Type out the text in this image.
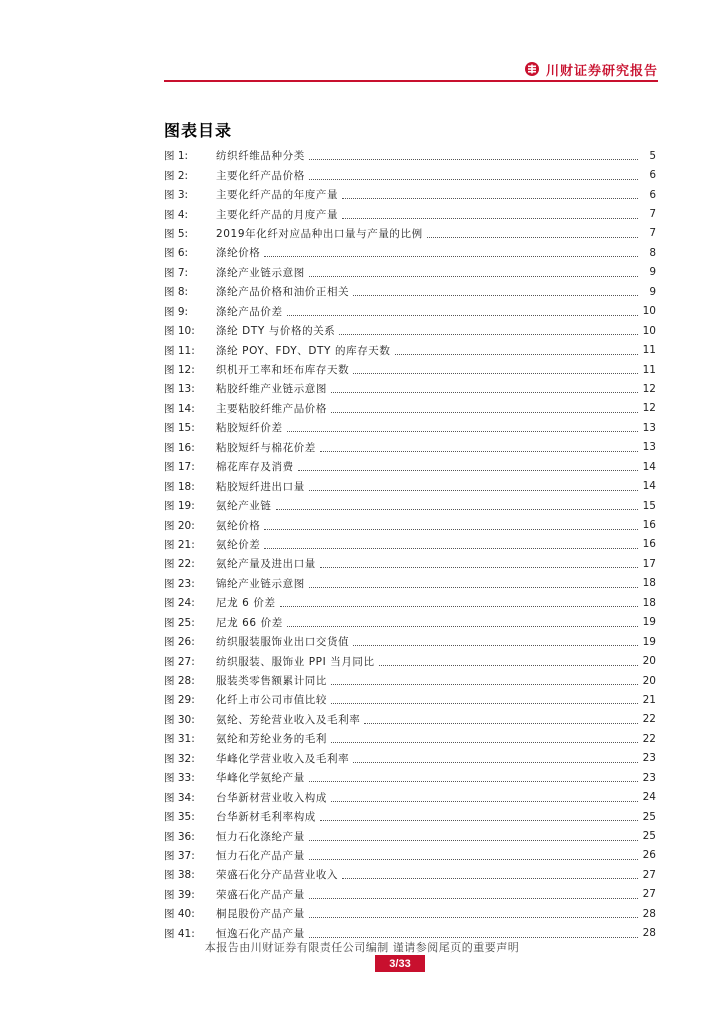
川财证券研究报告
图表目录
图 1:	纺织纤维品种分类	5
图 2:	主要化纤产品价格	6
图 3:	主要化纤产品的年度产量	6
图 4:	主要化纤产品的月度产量	7
图 5:	2019年化纤对应品种出口量与产量的比例	7
图 6:	涤纶价格	8
图 7:	涤纶产业链示意图	9
图 8:	涤纶产品价格和油价正相关	9
图 9:	涤纶产品价差	10
图 10:	涤纶 DTY 与价格的关系	10
图 11:	涤纶 POY、FDY、DTY 的库存天数	11
图 12:	织机开工率和坯布库存天数	11
图 13:	粘胶纤维产业链示意图	12
图 14:	主要粘胶纤维产品价格	12
图 15:	粘胶短纤价差	13
图 16:	粘胶短纤与棉花价差	13
图 17:	棉花库存及消费	14
图 18:	粘胶短纤进出口量	14
图 19:	氨纶产业链	15
图 20:	氨纶价格	16
图 21:	氨纶价差	16
图 22:	氨纶产量及进出口量	17
图 23:	锦纶产业链示意图	18
图 24:	尼龙 6 价差	18
图 25:	尼龙 66 价差	19
图 26:	纺织服装服饰业出口交货值	19
图 27:	纺织服装、服饰业 PPI 当月同比	20
图 28:	服装类零售额累计同比	20
图 29:	化纤上市公司市值比较	21
图 30:	氨纶、芳纶营业收入及毛利率	22
图 31:	氨纶和芳纶业务的毛利	22
图 32:	华峰化学营业收入及毛利率	23
图 33:	华峰化学氨纶产量	23
图 34:	台华新材营业收入构成	24
图 35:	台华新材毛利率构成	25
图 36:	恒力石化涤纶产量	25
图 37:	恒力石化产品产量	26
图 38:	荣盛石化分产品营业收入	27
图 39:	荣盛石化产品产量	27
图 40:	桐昆股份产品产量	28
图 41:	恒逸石化产品产量	28
本报告由川财证券有限责任公司编制 谨请参阅尾页的重要声明
3/33
